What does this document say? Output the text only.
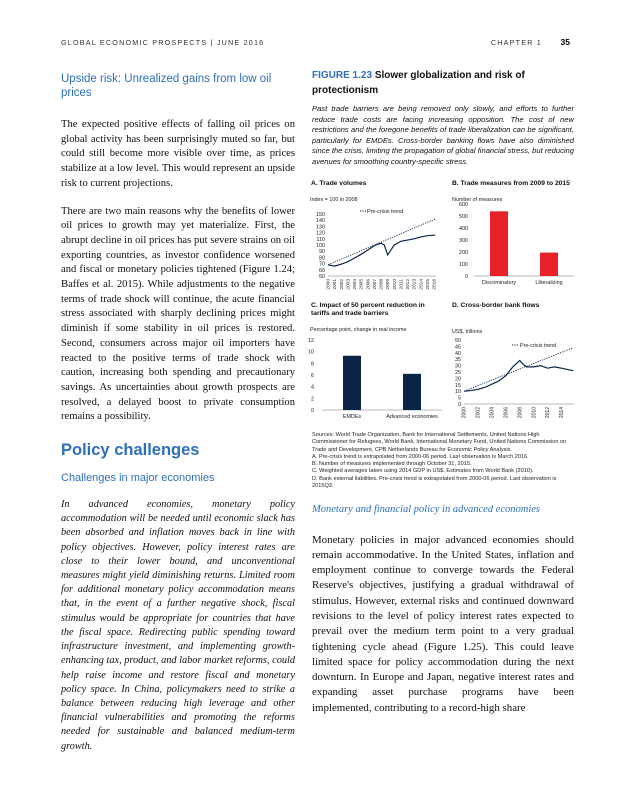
GLOBAL ECONOMIC PROSPECTS | JUNE 2016	CHAPTER 1 35

Upside risk: Unrealized gains from low oil prices

The expected positive effects of falling oil prices on global activity has been surprisingly muted so far, but could still become more visible over time, as prices stabilize at a low level. This would represent an upside risk to current projections.

There are two main reasons why the benefits of lower oil prices to growth may yet materialize. First, the abrupt decline in oil prices has put severe strains on oil exporting countries, as investor confidence worsened and fiscal or monetary policies tightened (Figure 1.24; Baffes et al. 2015). While adjustments to the negative terms of trade shock will continue, the acute financial stress associated with sharply declining prices might diminish if some stability in oil prices is restored. Second, consumers across major oil importers have reacted to the positive terms of trade shock with caution, increasing both spending and precautionary savings. As uncertainties about growth prospects are resolved, a delayed boost to private consumption remains a possibility.

Policy challenges

Challenges in major economies

In advanced economies, monetary policy accommodation will be needed until economic slack has been absorbed and inflation moves back in line with policy objectives. However, policy interest rates are close to their lower bound, and unconventional measures might yield diminishing returns. Limited room for additional monetary policy accommodation means that, in the event of a further negative shock, fiscal stimulus would be appropriate for countries that have the fiscal space. Redirecting public spending toward infrastructure investment, and implementing growth-enhancing tax, product, and labor market reforms, could help raise income and restore fiscal and monetary policy space. In China, policymakers need to strike a balance between reducing high leverage and other financial vulnerabilities and promoting the reforms needed for sustainable and balanced medium-term growth.

FIGURE 1.23 Slower globalization and risk of protectionism

Past trade barriers are being removed only slowly, and efforts to further reduce trade costs are facing increasing opposition. The cost of new restrictions and the foregone benefits of trade liberalization can be significant, particularly for EMDEs. Cross-border banking flows have also diminished since the crisis, limiting the propagation of global financial stress, but reducing avenues for smoothing country-specific stress.

A. Trade volumes	B. Trade measures from 2009 to 2015
C. Impact of 50 percent reduction in tariffs and trade barriers
D. Cross-border bank flows
Index = 100 in 2008
50
60
70
80
90
100
110
120
130
140
150
2000 2001 2002 2003 2004 2005 2006 2007 2008 2009 2010 2011 2012 2013 2014 2015 2016
Pre-crisis trend
Number of measures
0
100
200
300
400
500
600
Discriminatory	Liberalizing
Percentage point, change in real income
0
2
4
6
8
10
12
EMDEs	Advanced economies
US$, trillions
0
5
10
15
20
25
30
35
40
45
50
2000 2002 2004 2006 2008 2010 2012 2014
Pre-crisis trend
Sources: World Trade Organization, Bank for International Settlements, United Nations High Commissioner for Refugees, World Bank, International Monetary Fund, United Nations Commission on Trade and Development, CPB Netherlands Bureau for Economic Policy Analysis.
A. Pre-crisis trend is extrapolated from 2000-06 period. Last observation is March 2016.
B. Number of measures implemented through October 31, 2015.
C. Weighted averages taken using 2014 GDP in US$. Estimates from World Bank (2010).
D. Bank external liabilities. Pre-crisis trend is extrapolated from 2000-06 period. Last observation is 2015Q3.

Monetary and financial policy in advanced economies

Monetary policies in major advanced economies should remain accommodative. In the United States, inflation and employment continue to converge towards the Federal Reserve's objectives, justifying a gradual withdrawal of stimulus. However, external risks and continued downward revisions to the level of policy interest rates expected to prevail over the medium term point to a very gradual tightening cycle ahead (Figure 1.25). This could leave limited space for policy accommodation during the next downturn. In Europe and Japan, negative interest rates and expanding asset purchase programs have been implemented, contributing to a record-high share
